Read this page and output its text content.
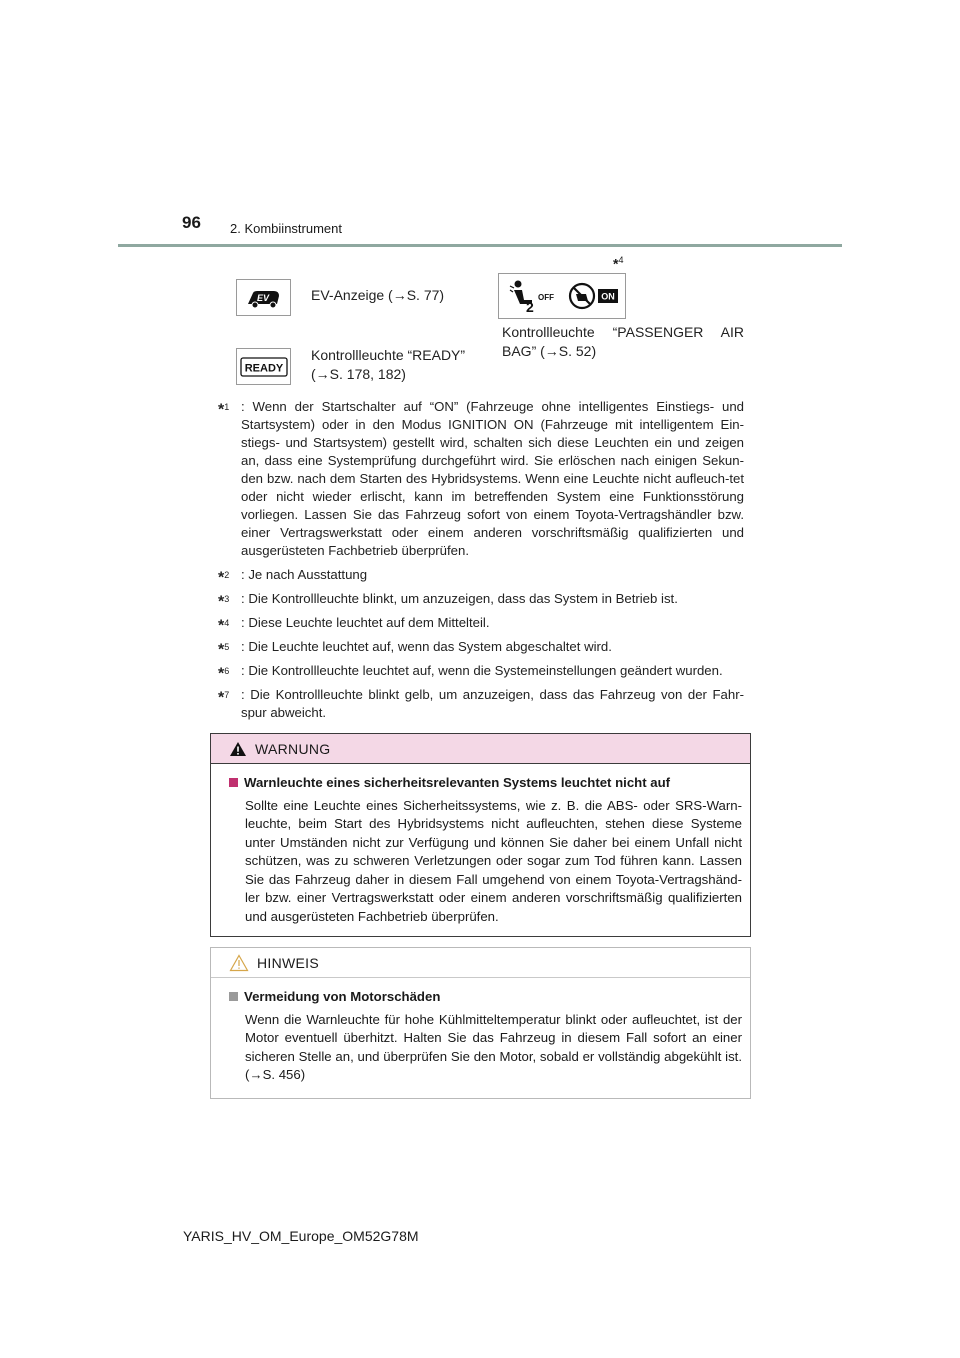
96 2. Kombiinstrument
EV	EV-Anzeige (→S. 77)
READY
Kontrollleuchte “READY”
(→S. 178, 182)
*$^4$
2
OFF	ON
Kontrollleuchte “PASSENGER AIR
BAG” (→S. 52)
*$^1$ : Wenn der Startschalter auf “ON” (Fahrzeuge ohne intelligentes Einstiegs- und Startsystem) oder in den Modus IGNITION ON (Fahrzeuge mit intelligentem Ein-stiegs- und Startsystem) gestellt wird, schalten sich diese Leuchten ein und zeigen an, dass eine Systemprüfung durchgeführt wird. Sie erlöschen nach einigen Sekun-den bzw. nach dem Starten des Hybridsystems. Wenn eine Leuchte nicht aufleuch-tet oder nicht wieder erlischt, kann im betreffenden System eine Funktionsstörung vorliegen. Lassen Sie das Fahrzeug sofort von einem Toyota-Vertragshändler bzw. einer Vertragswerkstatt oder einem anderen vorschriftsmäßig qualifizierten und ausgerüsteten Fachbetrieb überprüfen.
*$^2$ : Je nach Ausstattung
*$^3$ : Die Kontrollleuchte blinkt, um anzuzeigen, dass das System in Betrieb ist.
*$^4$ : Diese Leuchte leuchtet auf dem Mittelteil.
*$^5$ : Die Leuchte leuchtet auf, wenn das System abgeschaltet wird.
*$^6$ : Die Kontrollleuchte leuchtet auf, wenn die Systemeinstellungen geändert wurden.
*$^7$ : Die Kontrollleuchte blinkt gelb, um anzuzeigen, dass das Fahrzeug von der Fahr-spur abweicht.
WARNUNG
Warnleuchte eines sicherheitsrelevanten Systems leuchtet nicht auf
Sollte eine Leuchte eines Sicherheitssystems, wie z. B. die ABS- oder SRS-Warn-leuchte, beim Start des Hybridsystems nicht aufleuchten, stehen diese Systeme unter Umständen nicht zur Verfügung und können Sie daher bei einem Unfall nicht schützen, was zu schweren Verletzungen oder sogar zum Tod führen kann. Lassen Sie das Fahrzeug daher in diesem Fall umgehend von einem Toyota-Vertragshänd-ler bzw. einer Vertragswerkstatt oder einem anderen vorschriftsmäßig qualifizierten und ausgerüsteten Fachbetrieb überprüfen.
HINWEIS
Vermeidung von Motorschäden
Wenn die Warnleuchte für hohe Kühlmitteltemperatur blinkt oder aufleuchtet, ist der Motor eventuell überhitzt. Halten Sie das Fahrzeug in diesem Fall sofort an einer sicheren Stelle an, und überprüfen Sie den Motor, sobald er vollständig abgekühlt ist. (→S. 456)
YARIS_HV_OM_Europe_OM52G78M
